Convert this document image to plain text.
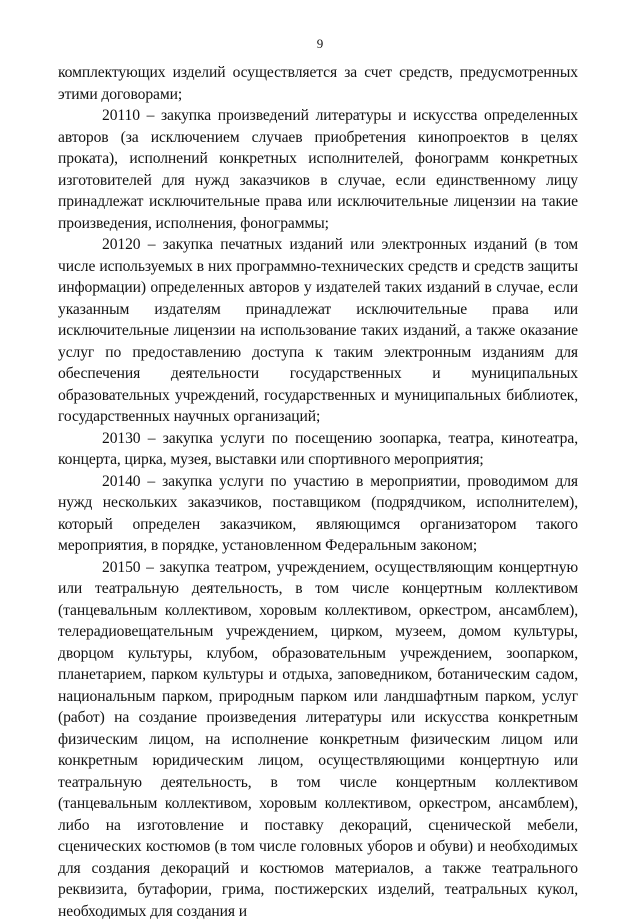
9

комплектующих изделий осуществляется за счет средств, предусмотренных этими договорами;

20110 – закупка произведений литературы и искусства определенных авторов (за исключением случаев приобретения кинопроектов в целях проката), исполнений конкретных исполнителей, фонограмм конкретных изготовителей для нужд заказчиков в случае, если единственному лицу принадлежат исключительные права или исключительные лицензии на такие произведения, исполнения, фонограммы;

20120 – закупка печатных изданий или электронных изданий (в том числе используемых в них программно-технических средств и средств защиты информации) определенных авторов у издателей таких изданий в случае, если указанным издателям принадлежат исключительные права или исключительные лицензии на использование таких изданий, а также оказание услуг по предоставлению доступа к таким электронным изданиям для обеспечения деятельности государственных и муниципальных образовательных учреждений, государственных и муниципальных библиотек, государственных научных организаций;

20130 – закупка услуги по посещению зоопарка, театра, кинотеатра, концерта, цирка, музея, выставки или спортивного мероприятия;

20140 – закупка услуги по участию в мероприятии, проводимом для нужд нескольких заказчиков, поставщиком (подрядчиком, исполнителем), который определен заказчиком, являющимся организатором такого мероприятия, в порядке, установленном Федеральным законом;

20150 – закупка театром, учреждением, осуществляющим концертную или театральную деятельность, в том числе концертным коллективом (танцевальным коллективом, хоровым коллективом, оркестром, ансамблем), телерадиовещательным учреждением, цирком, музеем, домом культуры, дворцом культуры, клубом, образовательным учреждением, зоопарком, планетарием, парком культуры и отдыха, заповедником, ботаническим садом, национальным парком, природным парком или ландшафтным парком, услуг (работ) на создание произведения литературы или искусства конкретным физическим лицом, на исполнение конкретным физическим лицом или конкретным юридическим лицом, осуществляющими концертную или театральную деятельность, в том числе концертным коллективом (танцевальным коллективом, хоровым коллективом, оркестром, ансамблем), либо на изготовление и поставку декораций, сценической мебели, сценических костюмов (в том числе головных уборов и обуви) и необходимых для создания декораций и костюмов материалов, а также театрального реквизита, бутафории, грима, постижерских изделий, театральных кукол, необходимых для создания и
